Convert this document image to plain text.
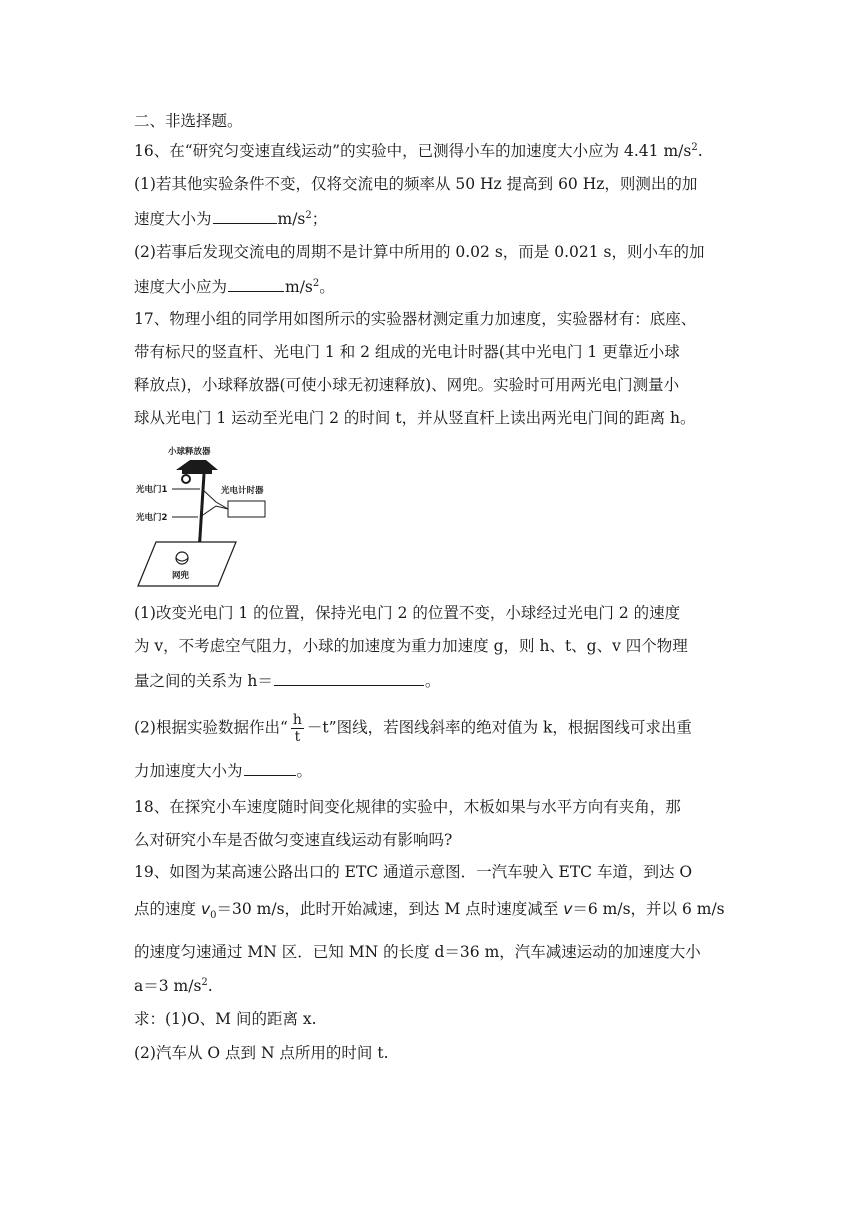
二、非选择题。
16、在“研究匀变速直线运动”的实验中，已测得小车的加速度大小应为 4.41 $m/s^2$.
(1)若其他实验条件不变，仅将交流电的频率从 50 Hz 提高到 60 Hz，则测出的加
速度大小为	$m/s^2$；
(2)若事后发现交流电的周期不是计算中所用的 0.02 s，而是 0.021 s，则小车的加
速度大小应为	$m/s^2$。
17、物理小组的同学用如图所示的实验器材测定重力加速度，实验器材有：底座、
带有标尺的竖直杆、光电门 1 和 2 组成的光电计时器(其中光电门 1 更靠近小球
释放点)，小球释放器(可使小球无初速释放)、网兜。实验时可用两光电门测量小
球从光电门 1 运动至光电门 2 的时间 t，并从竖直杆上读出两光电门间的距离 h。
小球释放器
光电门1
光电门2
光电计时器
网兜
(1)改变光电门 1 的位置，保持光电门 2 的位置不变，小球经过光电门 2 的速度
为 v，不考虑空气阻力，小球的加速度为重力加速度 g，则 h、t、g、v 四个物理
量之间的关系为 h＝	。
(2)根据实验数据作出“ $\frac{h}{t} -t$”图线，若图线斜率的绝对值为 k，根据图线可求出重
力加速度大小为	。
18、在探究小车速度随时间变化规律的实验中，木板如果与水平方向有夹角，那
么对研究小车是否做匀变速直线运动有影响吗?
19、如图为某高速公路出口的 ETC 通道示意图．一汽车驶入 ETC 车道，到达 O
点的速度 $v_0=30$ m/s，此时开始减速，到达 M 点时速度减至 v＝6 m/s，并以 6 m/s
的速度匀速通过 MN 区．已知 MN 的长度 d＝36 m，汽车减速运动的加速度大小
a＝3 $m/s^2$.
求：(1)O、M 间的距离 x.
(2)汽车从 O 点到 N 点所用的时间 t.
